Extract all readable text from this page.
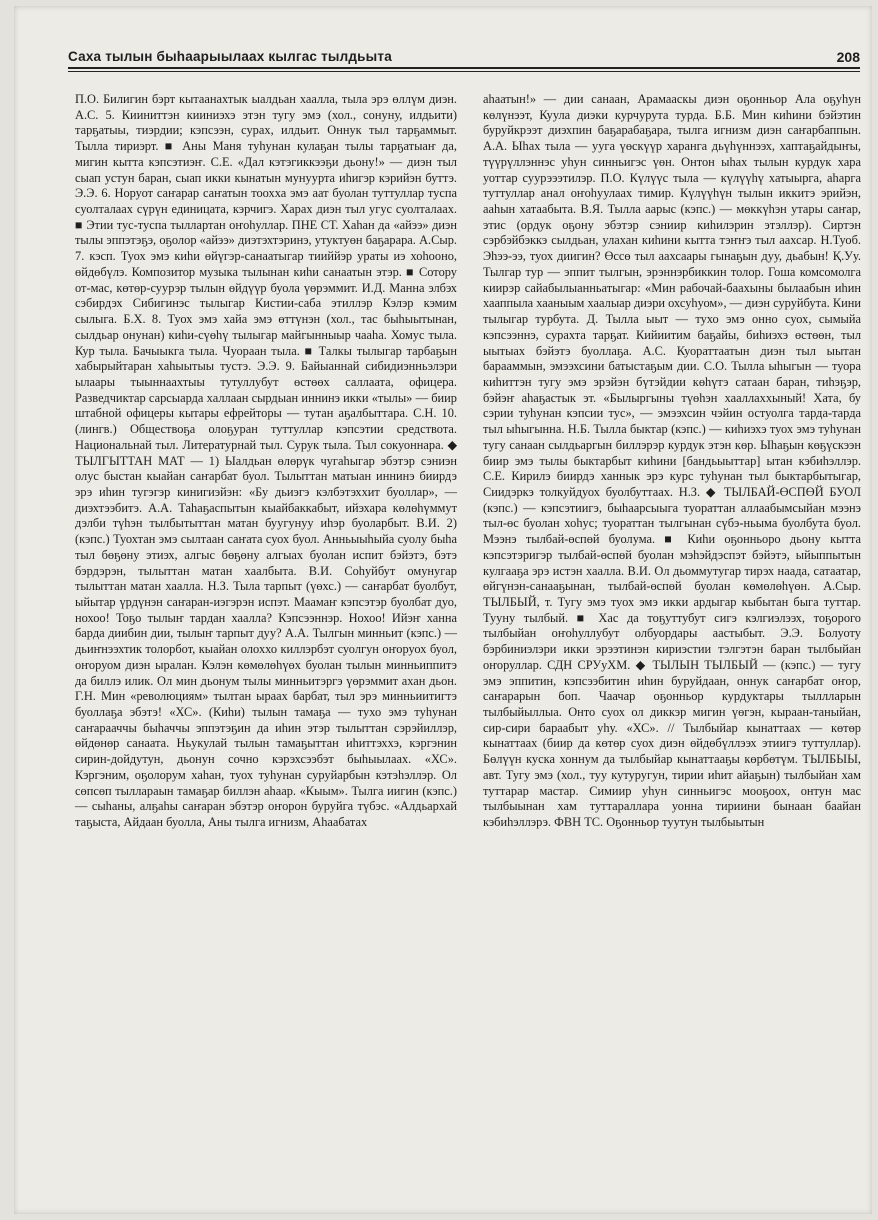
Саха тылын быһаарыылаах кылгас тылдьыта	208

П.О. Билигин бэрт кытаанахтык ыалдьан хаалла, тыла эрэ өллүм диэн. А.С. 5. Кииниттэн кииниэхэ этэн тугу эмэ (хол., сонуну, илдьити) тарҕатыы, тиэрдии; кэпсээн, сурах, илдьит. Оннук тыл тарҕаммыт. Тылла тириэрт. ■ Аны Маня туһунан кулаҕан тылы тарҕатыаҥ да, мигин кытта кэпсэтиэҥ. С.Е. «Дал кэтэгиккээҕи дьону!» — диэн тыл сыап устун баран, сыап икки кынатын мунуурта иһигэр кэрийэн буттэ. Э.Э. 6. Норуот саҥарар саҥатын тоохха эмэ аат буолан туттуллар туспа суолталаах сүрүн единицата, кэрчигэ. Харах диэн тыл угус суолталаах. ■ Этии тус-туспа тыллартан оҥоһуллар. ПНЕ СТ. Хаһан да «айээ» диэн тылы эппэтэҕэ, оҕолор «айээ» диэтэхтэринэ, утуктуөн баҕарара. А.Сыр. 7. кэсп. Туох эмэ киһи өйүгэр-санаатыгар тииййэр ураты иэ хоһооно, өйдөбүлэ. Композитор музыка тылынан киһи санаатын этэр. ■ Сотору от-мас, көтөр-суурэр тылын өйдүүр буола үөрэммит. И.Д. Манна элбэх сэбирдэх Сибигинэс тылыгар Кистии-саба этиллэр Кэлэр кэмим сылыга. Б.Х. 8. Туох эмэ хайа эмэ өттүнэн (хол., тас быһыытынан, сылдьар онунан) киһи-сүөһү тылыгар майгынныыр чааһа. Хомус тыла. Кур тыла. Бачыыкга тыла. Чуораан тыла. ■ Талкы тылыгар тарбаҕын хабырыйтаран хаһыытыы тустэ. Э.Э. 9. Байыаннай сибидиэнньэлэри ылаары тыыннаахтыы тутуллубут өстөөх саллаата, офицера. Разведчиктар сарсыарда халлаан сырдыан иннинэ икки «тылы» — биир штабной офицеры кытары ефрейторы — тутан аҕалбыттара. С.Н. 10. (лингв.) Обществоҕа олоҕуран туттуллар кэпсэтии средствота. Национальнай тыл. Литературнай тыл. Сурук тыла. Тыл сокуоннара. ◆ ТЫЛГЫТТАН МАТ — 1) Ыалдьан өлөрүк чугаһыгар эбэтэр сэниэн олус быстан кыайан саҥарбат буол. Тылыттан матыан иннинэ биирдэ эрэ иһин тугэгэр кинигиэйэн: «Бу дьиэгэ кэлбэтэххит буоллар», — диэхтээбитэ. А.А. Таһаҕаспытын кыайбаккабыт, ийэхара көлөһүммут дэлби түһэн тылбытыттан матан буугунуу иһэр буоларбыт. В.И. 2) (кэпс.) Туохтан эмэ сылтаан саҥата суох буол. Анньыыһыйа суолу быһа тыл бөҕөну этиэх, алгыс бөҕөну алгыах буолан испит бэйэтэ, бэтэ бэрдэрэн, тылыттан матан хаалбыта. В.И. Соһуйбут омунугар тылыттан матан хаалла. Н.З. Тыла тарпыт (үөхс.) — саҥарбат буолбут, ыйытар үрдүнэн саҥаран-иэгэрэн испэт. Маамаҥ кэпсэтэр буолбат дуо, нохоо! Тоҕо тылыҥ тардан хаалла? Кэпсээннэр. Нохоо! Ийэҥ ханна барда диибин дии, тылыҥ тарпыт дуу? А.А. Тылгын минньит (кэпс.) — дьиҥнээхтик толорбот, кыайан олоххо киллэрбэт суолгун оҥоруох буол, оҥоруом диэн ыралан. Кэлэн көмөлөһүөх буолан тылын минньиппитэ да биллэ илик. Ол мин дьонум тылы минньитэргэ үөрэммит ахан дьон. Г.Н. Мин «революциям» тылтан ыраах барбат, тыл эрэ минньиитигтэ буоллаҕа эбэтэ! «ХС». (Киһи) тылын тамаҕа — тухо эмэ туһунан саҥарааччы быһаччы эппэтэҕин да иһин этэр тылыттан сэрэйиллэр, өйдөнөр санаата. Ньукулай тылын тамаҕыттан иһиттэххэ, кэргэнин сирин-дойдутун, дьонун сочно кэрэхсээбэт быһыылаах. «ХС». Кэргэним, оҕолорум хаһан, туох туһунан суруйарбын кэтэһэллэр. Ол сөпсөп тыллараын тамаҕар биллэн аһаар. «Кыым». Тылга иигин (кэпс.) — сыһаны, алҕаһы саҥаран эбэтэр оҥорон буруйга түбэс. «Алдьархай таҕыста, Айдаан буолла, Аны тылга игнизм, Аһаабатах

аһаатын!» — дии санаан, Арамааскы диэн оҕонньор Ала оҕуһун көлүнээт, Куула диэки курчурута турда. Б.Б. Мин киһини бэйэтин буруйкрээт диэхпин баҕарабаҕара, тылга игнизм диэн саҥарбаппын. А.А. Ыһах тыла — ууга үөскүүр харанга дьүһүннээх, хаптаҕайдыҥы, түүрүллэннэс уһун синньигэс үөн. Онтон ыһах тылын курдук хара уоттар суурэээтилэр. П.О. Күлүүс тыла — күлүүһү хатыырга, аһарга туттуллар анал оҥоһуулаах тимир. Күлүүһүн тылын иккитэ эрийэн, ааһын хатаабыта. В.Я. Тылла аарыс (кэпс.) — мөккүһэн утары саҥар, этис (ордук оҕону эбэтэр сэниир киһилэрин этэллэр). Сиртэн сэрбэйбэккэ сылдьан, улахан киһини кытта тэҥҥэ тыл аахсар. Н.Туоб. Эһээ-ээ, туох диигин? Өссө тыл аахсаары гынаҕын дуу, дьабын! Қ.Уу. Тылгар тур — эппит тылгын, эрэннэрбиккин толор. Гоша комсомолга киирэр сайабылыанньатыгар: «Мин рабочай-баахыны былаабын иһин хааппыла хааныым хаалыар диэри охсуһуом», — диэн суруйбута. Кини тылыгар турбута. Д. Тылла ыыт — тухо эмэ онно суох, сымыйа кэпсээннэ, сурахта тарҕат. Кийиитим баҕайы, биһиэхэ өстөөн, тыл ыытыах бэйэтэ буоллаҕа. А.С. Куораттаатын диэн тыл ыытан барааммын, эмээхсини батыстаҕым дии. С.О. Тылла ыһыгын — туора киһиттэн тугу эмэ эрэйэн бүтэйдии көһүтэ сатаан баран, тиһэҕэр, бэйэҥ аһаҕастык эт. «Былыргыны түөһэн хааллаххыный! Хата, бу сэрии туһунан кэпсии тус», — эмээхсин чэйин остуолга тарда-тарда тыл ыһыгынна. Н.Б. Тылла быктар (кэпс.) — киһиэхэ туох эмэ туһунан тугу санаан сылдьаргын биллэрэр курдук этэн көр. Ыһаҕын көҕүскээн биир эмэ тылы быктарбыт киһини [бандьыыттар] ытан кэбиһэллэр. С.Е. Кирилэ биирдэ ханнык эрэ курс туһунан тыл быктарбытыгар, Сиидэркэ толкуйдуох буолбуттаах. Н.З. ◆ ТЫЛБАЙ-ӨСПӨЙ БУОЛ (кэпс.) — кэпсэтиигэ, быһаарсыыга туораттан аллаабымсыйан мээнэ тыл-өс буолан хоһус; туораттан тылгынан сүбэ-ньыма буолбута буол. Мээнэ тылбай-өспөй буолума. ■ Киһи оҕонньоро дьону кытта кэпсэтэригэр тылбай-өспөй буолан мэһэйдэспэт бэйэтэ, ыйыппытын кулгааҕа эрэ истэн хаалла. В.И. Ол дьоммутугар тирэх наада, сатаатар, өйгүнэн-санааҕынан, тылбай-өспөй буолан көмөлөһүөн. А.Сыр. ТЫЛБЫЙ, т. Тугу эмэ туох эмэ икки ардыгар кыбытан быга туттар. Тууну тылбый. ■ Хас да тоҕуттубут сигэ кэлгиэлээх, тоҕорого тылбыйан оҥоһуллубут олбуордары аастыбыт. Э.Э. Болуоту бэрбиниэлэри икки эрээтинэн кириэстии тэлгэтэн баран тылбыйан оҥоруллар. СДН СРУуХМ. ◆ ТЫЛЫН ТЫЛБЫЙ — (кэпс.) — тугу эмэ эппитин, кэпсээбитин иһин буруйдаан, оннук саҥарбат оҥор, саҥарарын боп. Чаачар оҕонньор курдуктары тыллларын тылбыйыллыа. Онто суох ол диккэр мигин үөгэн, кыраан-таныйан, сир-сири бараабыт уһу. «ХС». // Тылбыйар кынаттаах — көтөр кынаттаах (биир да көтөр суох диэн өйдөбүллээх этиигэ туттуллар). Бөлүүн куска хоннум да тылбыйар кынаттааҕы көрбөтүм. ТЫЛБЫЫ, авт. Тугу эмэ (хол., туу кутуругун, тирии иһит айаҕын) тылбыйан хам туттарар мастар. Симиир уһун синньигэс мооҕоох, онтун мас тылбыынан хам туттараллара уонна тириини бынаан баайан кэбиһэллэрэ. ФВН ТС. Оҕонньор туутун тылбыытын
